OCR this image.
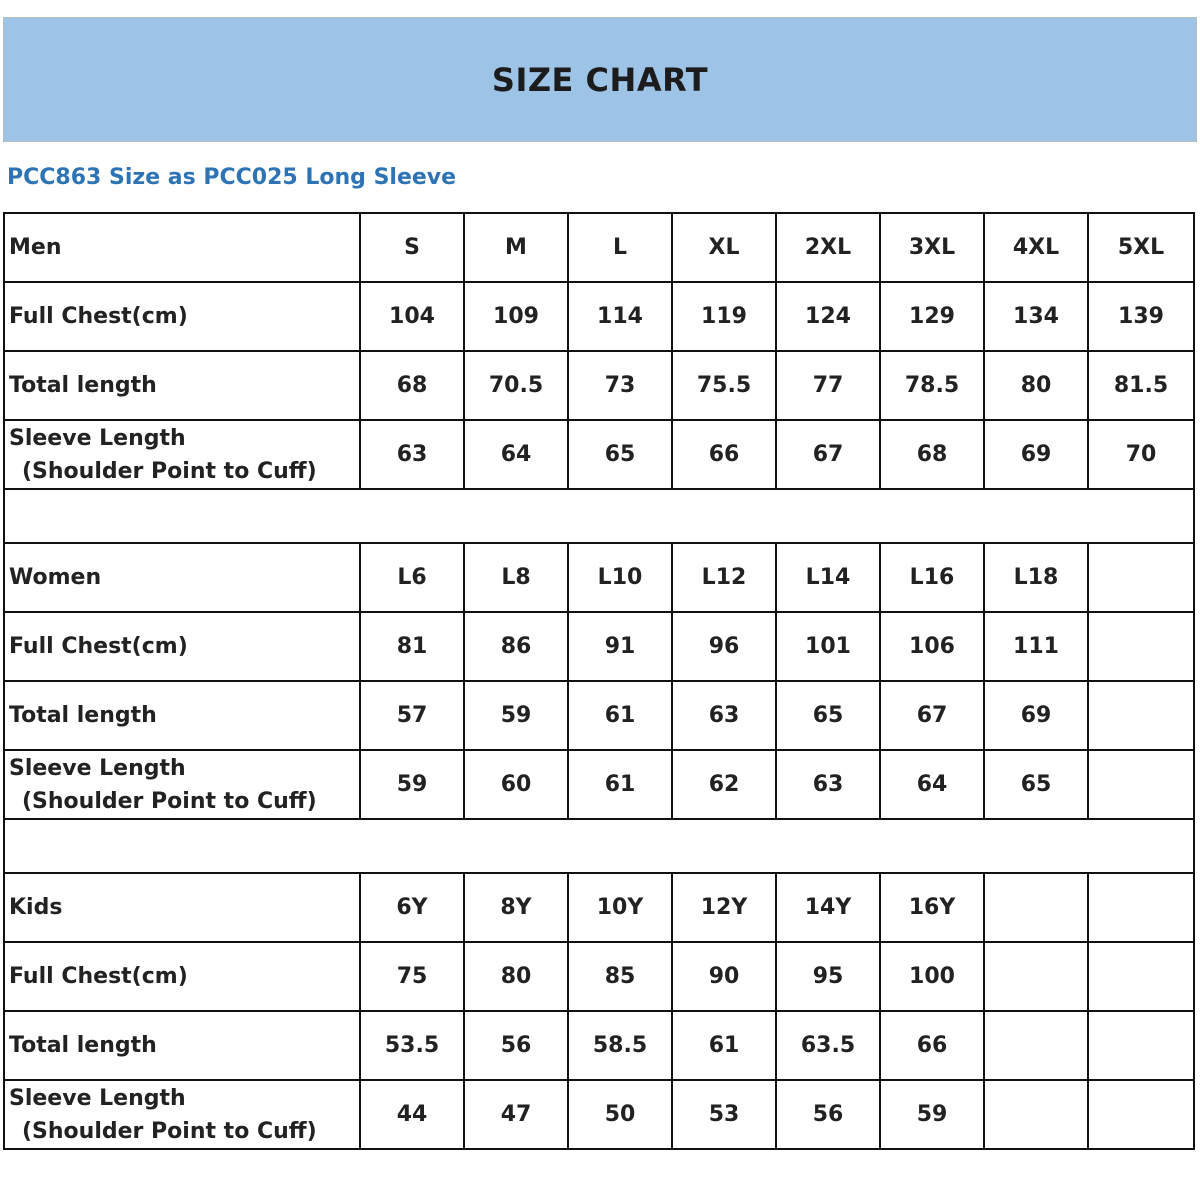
SIZE CHART
PCC863 Size as PCC025 Long Sleeve
Men	S	M	L	XL	2XL	3XL	4XL	5XL
Full Chest(cm)	104	109	114	119	124	129	134	139
Total length	68	70.5	73	75.5	77	78.5	80	81.5

Sleeve Length
(Shoulder Point to Cuff)	63	64	65	66	67	68	69	70

Women	L6	L8	L10	L12	L14	L16	L18	
Full Chest(cm)	81	86	91	96	101	106	111	
Total length	57	59	61	63	65	67	69	

Sleeve Length
(Shoulder Point to Cuff)	59	60	61	62	63	64	65	

Kids	6Y	8Y	10Y	12Y	14Y	16Y		
Full Chest(cm)	75	80	85	90	95	100		
Total length	53.5	56	58.5	61	63.5	66		

Sleeve Length
(Shoulder Point to Cuff)	44	47	50	53	56	59		
